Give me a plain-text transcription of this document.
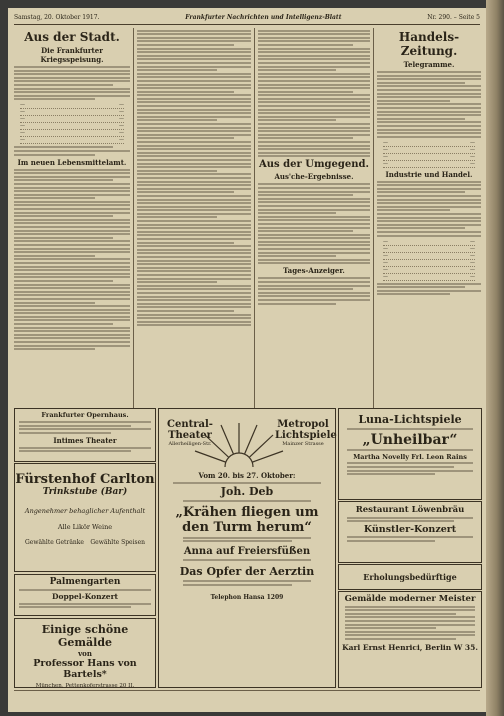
Samstag, 20. Oktober 1917.	Frankfurter Nachrichten und Intelligenz-Blatt	Nr. 290. – Seite 5
Aus der Stadt.
Die Frankfurter Kriegsspeisung.
—	—
—	—
—	—
—	—
—	—
—	—
Im neuen Lebensmittelamt.	Aus der Umgegend.
Aus'che-Ergebnisse.
Tages-Anzeiger.
Handels-Zeitung.
Telegramme.
—	—
—	—
—	—
—	—
Industrie und Handel.
—	—
—	—
—	—
—	—
—	—
—	—
Frankfurter Opernhaus.
Intimes Theater
Fürstenhof Carlton
Trinkstube (Bar)
Angenehmer behaglicher Aufenthalt
Alle Likör Weine
Gewählte Getränke Gewählte Speisen
Palmengarten
Doppel-Konzert
Einige schöne Gemälde
von
Professor Hans von Bartels*
München, Pettenkoferstrasse 20 II.
Central-Theater
Allerheiligen-Str.
Metropol Lichtspiele
Mainzer Strasse
Vom 20. bis 27. Oktober:
Joh. Deb
„Krähen fliegen um
den Turm herum“
Anna auf Freiersfüßen
Das Opfer der Aerztin
Telephon Hansa 1209
Luna-Lichtspiele
„Unheilbar“
Martha Novelly Frl. Leon Rains
Restaurant Löwenbräu
Künstler-Konzert
Erholungsbedürftige
Gemälde moderner Meister
Karl Ernst Henrici, Berlin W 35.
